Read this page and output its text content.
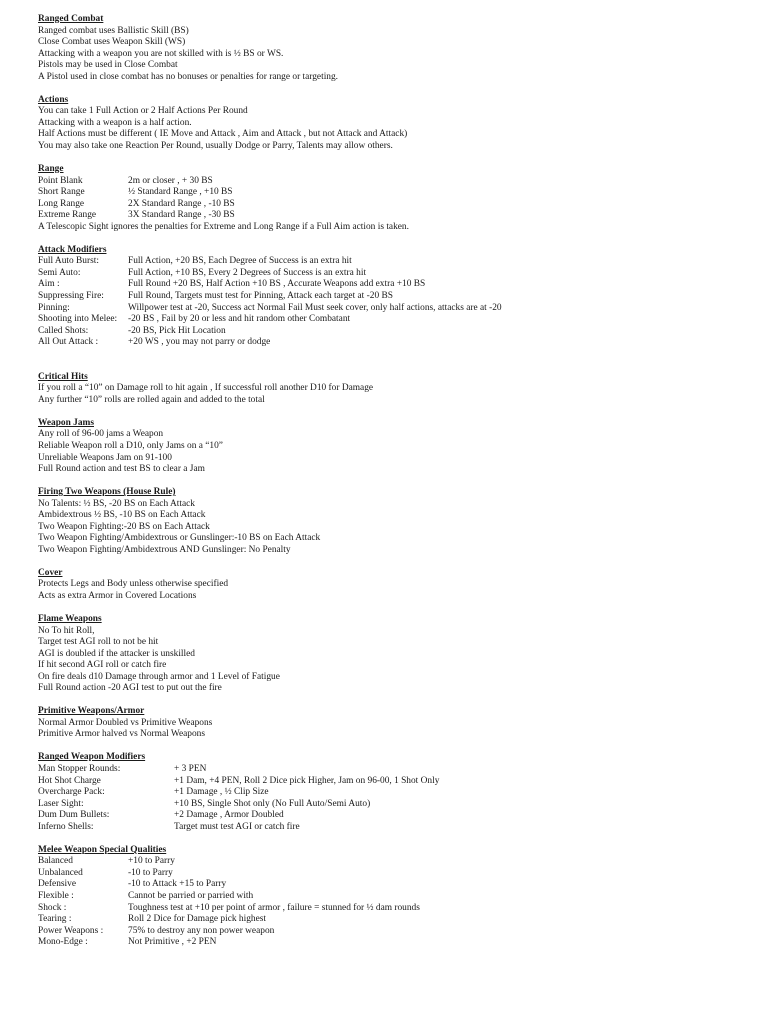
Ranged Combat
Ranged combat uses Ballistic Skill (BS)
Close Combat uses Weapon Skill (WS)
Attacking with a weapon you are not skilled with is ½ BS or WS.
Pistols may be used in Close Combat
A Pistol used in close combat has no bonuses or penalties for range or targeting.
Actions
You can take 1 Full Action or 2 Half Actions Per Round
Attacking with a weapon is a half action.
Half Actions must be different ( IE Move and Attack , Aim and Attack , but not Attack and Attack)
You may also take one Reaction Per Round, usually Dodge or Parry, Talents may allow others.
Range
Point Blank	2m or closer , + 30 BS
Short Range	½ Standard Range , +10 BS
Long Range	2X Standard Range , -10 BS
Extreme Range	3X Standard Range , -30 BS
A Telescopic Sight ignores the penalties for Extreme and Long Range if a Full Aim action is taken.
Attack Modifiers
Full Auto Burst:	Full Action, +20 BS, Each Degree of Success is an extra hit
Semi Auto:	Full Action, +10 BS, Every 2 Degrees of Success is an extra hit
Aim :	Full Round +20 BS, Half Action +10 BS , Accurate Weapons add extra +10 BS
Suppressing Fire:	Full Round, Targets must test for Pinning, Attack each target at -20 BS
Pinning:	Willpower test at -20, Success act Normal Fail Must seek cover, only half actions, attacks are at -20
Shooting into Melee:	-20 BS , Fail by 20 or less and hit random other Combatant
Called Shots:	-20 BS, Pick Hit Location
All Out Attack :	+20 WS , you may not parry or dodge
Critical Hits
If you roll a “10” on Damage roll to hit again , If successful roll another D10 for Damage
Any further “10” rolls are rolled again and added to the total
Weapon Jams
Any roll of 96-00 jams a Weapon
Reliable Weapon roll a D10, only Jams on a “10”
Unreliable Weapons Jam on 91-100
Full Round action and test BS to clear a Jam
Firing Two Weapons (House Rule)
No Talents: ½ BS, -20 BS on Each Attack
Ambidextrous ½ BS, -10 BS on Each Attack
Two Weapon Fighting:-20 BS on Each Attack
Two Weapon Fighting/Ambidextrous or Gunslinger:-10 BS on Each Attack
Two Weapon Fighting/Ambidextrous AND Gunslinger: No Penalty
Cover
Protects Legs and Body unless otherwise specified
Acts as extra Armor in Covered Locations
Flame Weapons
No To hit Roll,
Target test AGI roll to not be hit
AGI is doubled if the attacker is unskilled
If hit second AGI roll or catch fire
On fire deals d10 Damage through armor and 1 Level of Fatigue
Full Round action -20 AGI test to put out the fire
Primitive Weapons/Armor
Normal Armor Doubled vs Primitive Weapons
Primitive Armor halved vs Normal Weapons
Ranged Weapon Modifiers
Man Stopper Rounds:	+ 3 PEN
Hot Shot Charge	+1 Dam, +4 PEN, Roll 2 Dice pick Higher, Jam on 96-00, 1 Shot Only
Overcharge Pack:	+1 Damage , ½ Clip Size
Laser Sight:	+10 BS, Single Shot only (No Full Auto/Semi Auto)
Dum Dum Bullets:	+2 Damage , Armor Doubled
Inferno Shells:	Target must test AGI or catch fire
Melee Weapon Special Qualities
Balanced	+10 to Parry
Unbalanced	-10 to Parry
Defensive	-10 to Attack +15 to Parry
Flexible :	Cannot be parried or parried with
Shock :	Toughness test at +10 per point of armor , failure = stunned for ½ dam rounds
Tearing :	Roll 2 Dice for Damage pick highest
Power Weapons :	75% to destroy any non power weapon
Mono-Edge :	Not Primitive , +2 PEN
